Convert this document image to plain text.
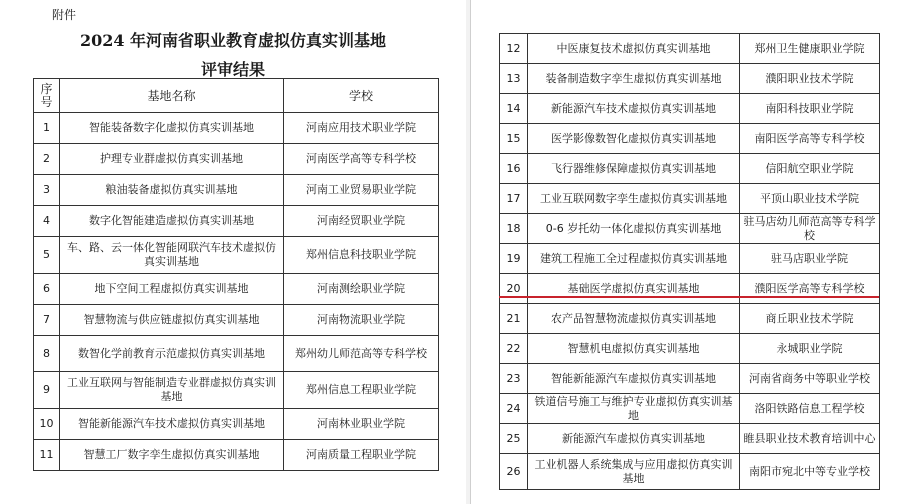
附件
2024 年河南省职业教育虚拟仿真实训基地
评审结果
序号	基地名称	学校
1	智能装备数字化虚拟仿真实训基地	河南应用技术职业学院
2	护理专业群虚拟仿真实训基地	河南医学高等专科学校
3	粮油装备虚拟仿真实训基地	河南工业贸易职业学院
4	数字化智能建造虚拟仿真实训基地	河南经贸职业学院
5	车、路、云一体化智能网联汽车技术虚拟仿真实训基地	郑州信息科技职业学院
6	地下空间工程虚拟仿真实训基地	河南测绘职业学院
7	智慧物流与供应链虚拟仿真实训基地	河南物流职业学院
8	数智化学前教育示范虚拟仿真实训基地	郑州幼儿师范高等专科学校
9	工业互联网与智能制造专业群虚拟仿真实训基地	郑州信息工程职业学院
10	智能新能源汽车技术虚拟仿真实训基地	河南林业职业学院
11	智慧工厂数字孪生虚拟仿真实训基地	河南质量工程职业学院
12	中医康复技术虚拟仿真实训基地	郑州卫生健康职业学院
13	装备制造数字孪生虚拟仿真实训基地	濮阳职业技术学院
14	新能源汽车技术虚拟仿真实训基地	南阳科技职业学院
15	医学影像数智化虚拟仿真实训基地	南阳医学高等专科学校
16	飞行器维修保障虚拟仿真实训基地	信阳航空职业学院
17	工业互联网数字孪生虚拟仿真实训基地	平顶山职业技术学院
18	0-6 岁托幼一体化虚拟仿真实训基地	驻马店幼儿师范高等专科学校
19	建筑工程施工全过程虚拟仿真实训基地	驻马店职业学院
20	基础医学虚拟仿真实训基地	濮阳医学高等专科学校
21	农产品智慧物流虚拟仿真实训基地	商丘职业技术学院
22	智慧机电虚拟仿真实训基地	永城职业学院
23	智能新能源汽车虚拟仿真实训基地	河南省商务中等职业学校
24	铁道信号施工与维护专业虚拟仿真实训基地	洛阳铁路信息工程学校
25	新能源汽车虚拟仿真实训基地	睢县职业技术教育培训中心
26	工业机器人系统集成与应用虚拟仿真实训基地	南阳市宛北中等专业学校
